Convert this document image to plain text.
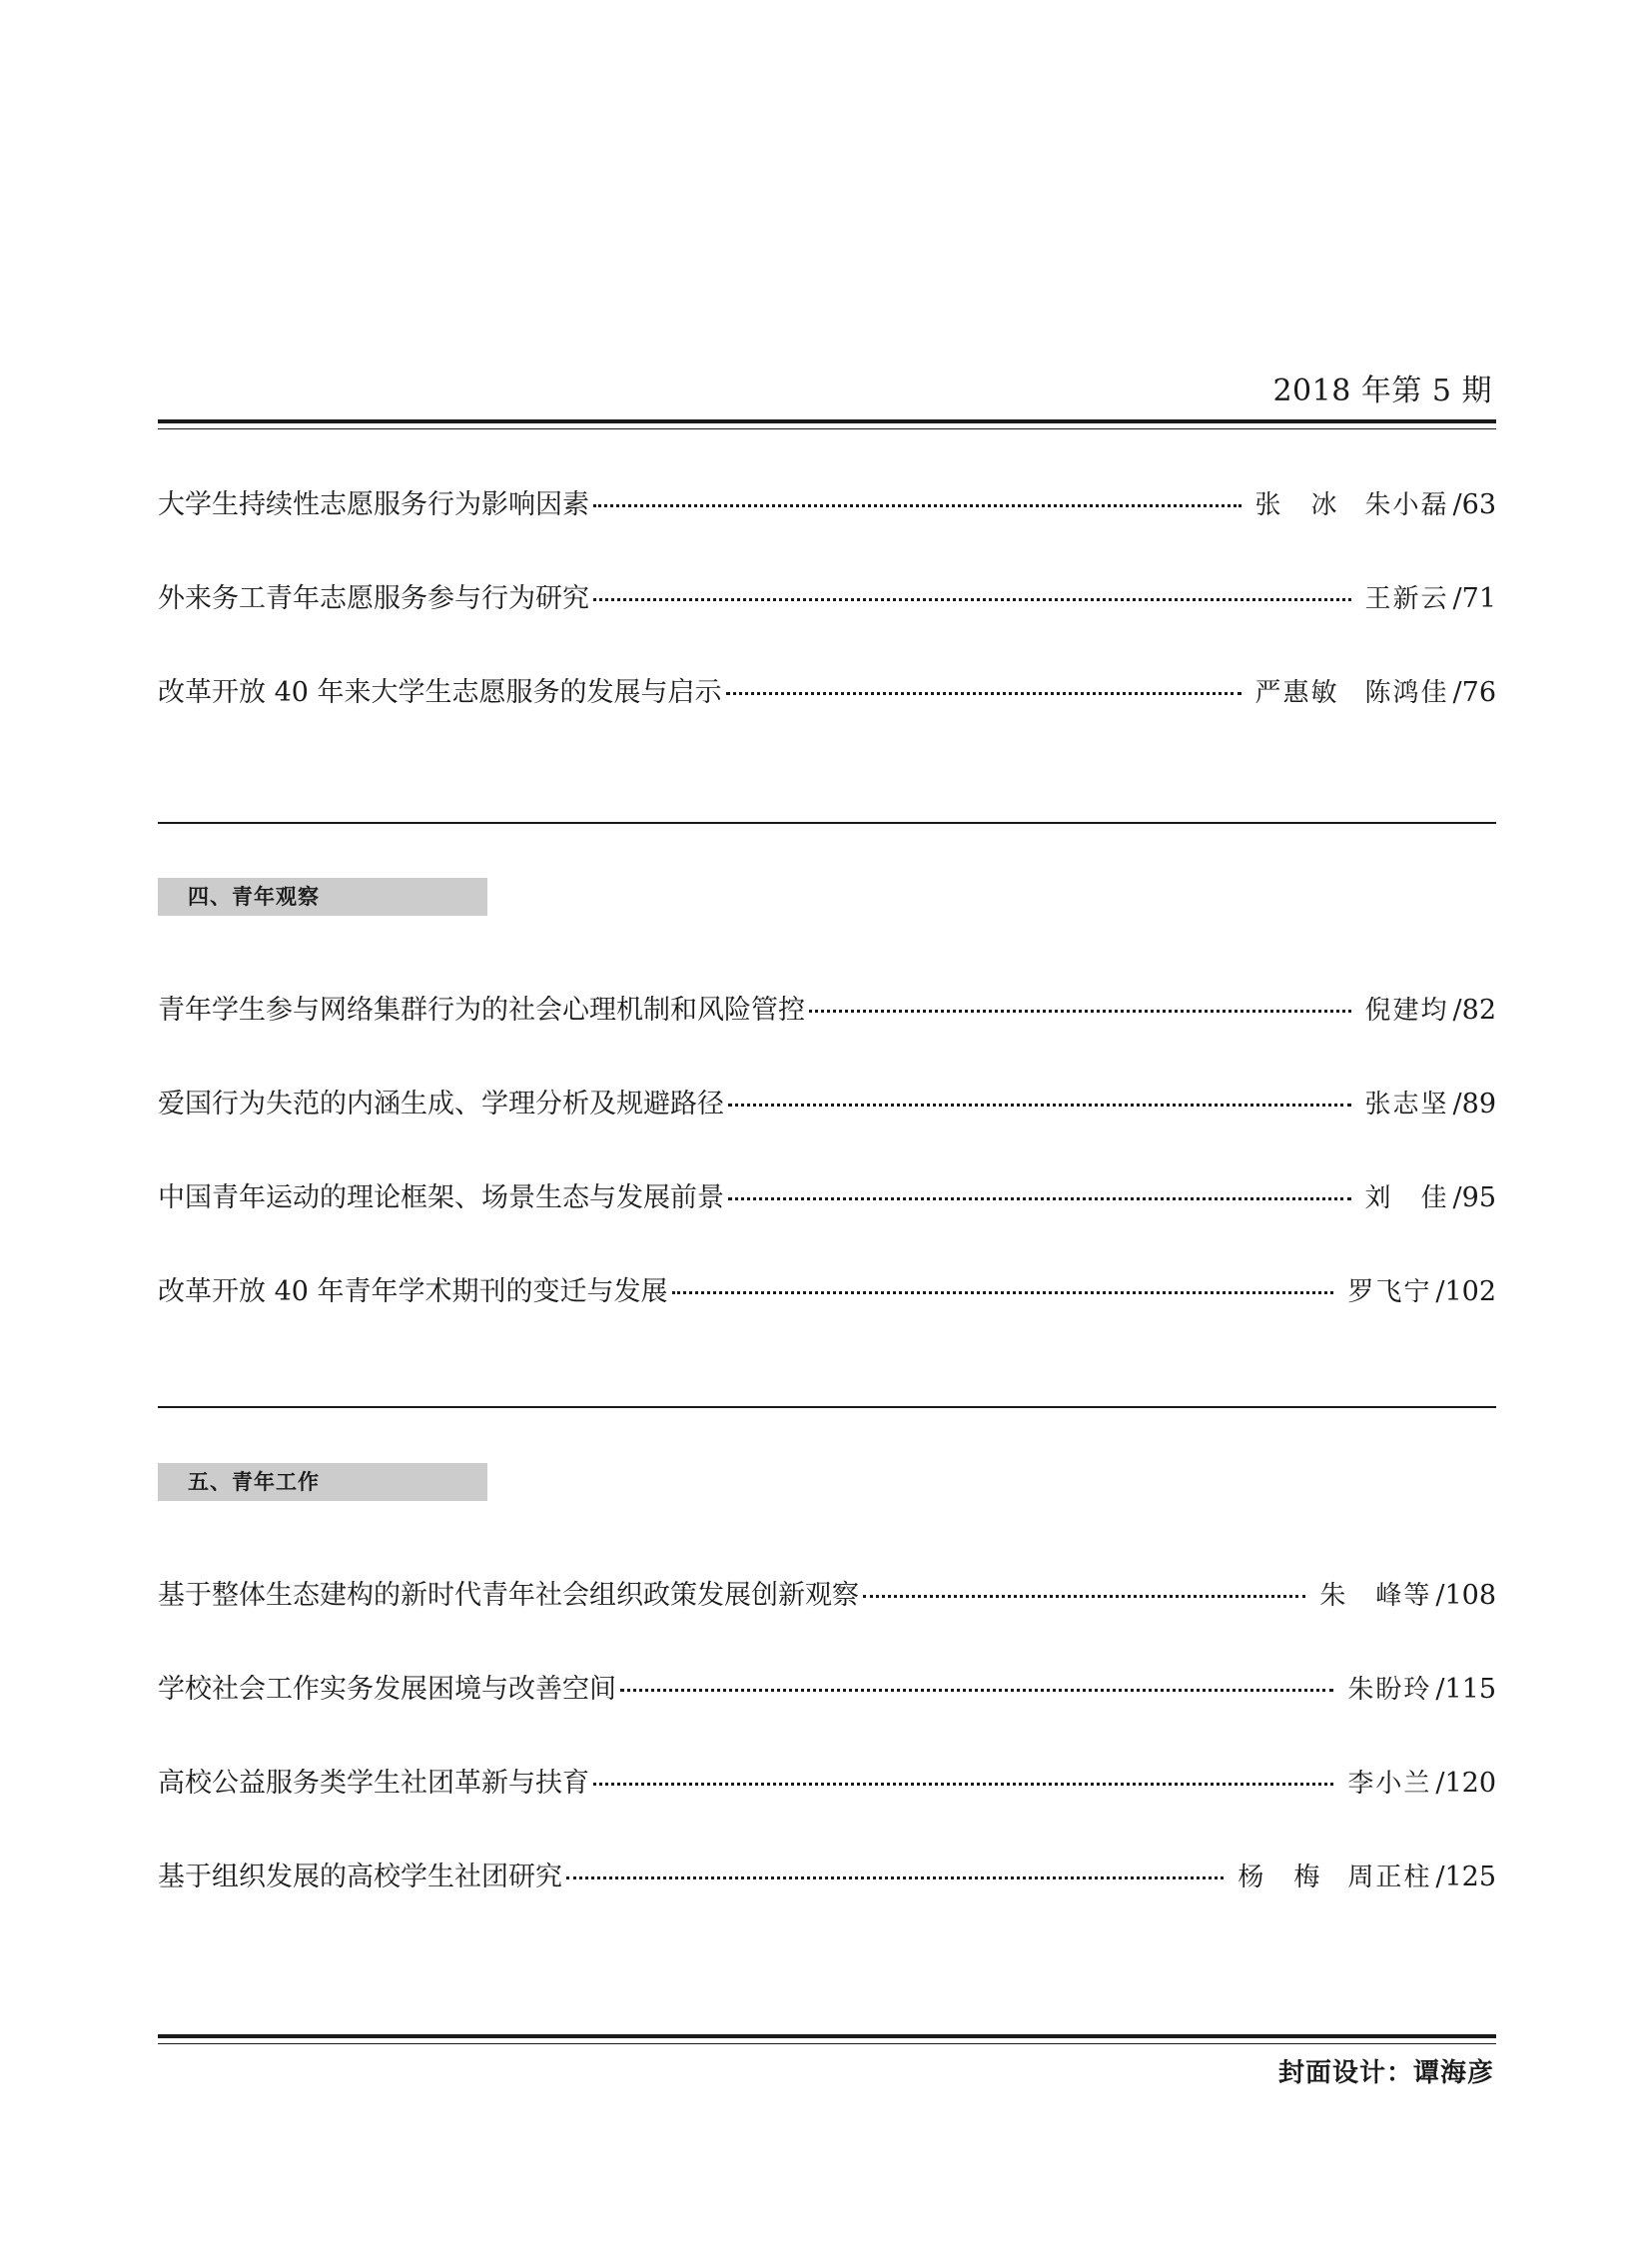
2018 年第 5 期
大学生持续性志愿服务行为影响因素	张　冰 朱小磊 /63
外来务工青年志愿服务参与行为研究	王新云 /71
改革开放 40 年来大学生志愿服务的发展与启示	严惠敏 陈鸿佳 /76
四、青年观察
青年学生参与网络集群行为的社会心理机制和风险管控	倪建均 /82
爱国行为失范的内涵生成、学理分析及规避路径	张志坚 /89
中国青年运动的理论框架、场景生态与发展前景	刘　佳 /95
改革开放 40 年青年学术期刊的变迁与发展	罗飞宁 /102
五、青年工作
基于整体生态建构的新时代青年社会组织政策发展创新观察	朱　峰等 /108
学校社会工作实务发展困境与改善空间	朱盼玲 /115
高校公益服务类学生社团革新与扶育	李小兰 /120
基于组织发展的高校学生社团研究	杨　梅 周正柱 /125
封面设计：谭海彦
